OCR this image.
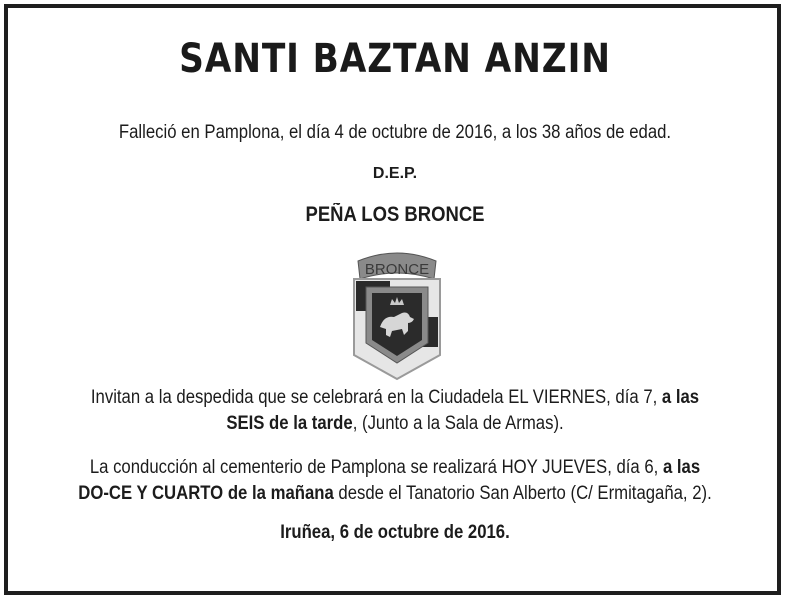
SANTI BAZTAN ANZIN
Falleció en Pamplona, el día 4 de octubre de 2016, a los 38 años de edad.
D.E.P.
PEÑA LOS BRONCE
BRONCE
Invitan a la despedida que se celebrará en la Ciudadela EL VIERNES, día 7, a las SEIS de la tarde, (Junto a la Sala de Armas).
La conducción al cementerio de Pamplona se realizará HOY JUEVES, día 6, a las DO-CE Y CUARTO de la mañana desde el Tanatorio San Alberto (C/ Ermitagaña, 2).
Iruñea, 6 de octubre de 2016.
